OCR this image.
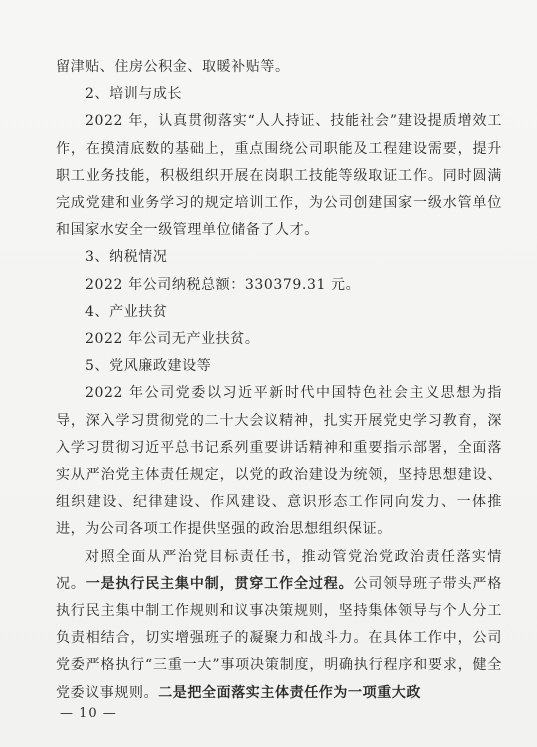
留津贴、住房公积金、取暖补贴等。

2、培训与成长

2022 年，认真贯彻落实“人人持证、技能社会”建设提质增效工作，在摸清底数的基础上，重点围绕公司职能及工程建设需要，提升职工业务技能，积极组织开展在岗职工技能等级取证工作。同时圆满完成党建和业务学习的规定培训工作，为公司创建国家一级水管单位和国家水安全一级管理单位储备了人才。

3、纳税情况

2022 年公司纳税总额：330379.31 元。

4、产业扶贫

2022 年公司无产业扶贫。

5、党风廉政建设等

2022 年公司党委以习近平新时代中国特色社会主义思想为指导，深入学习贯彻党的二十大会议精神，扎实开展党史学习教育，深入学习贯彻习近平总书记系列重要讲话精神和重要指示部署，全面落实从严治党主体责任规定，以党的政治建设为统领，坚持思想建设、组织建设、纪律建设、作风建设、意识形态工作同向发力、一体推进，为公司各项工作提供坚强的政治思想组织保证。

对照全面从严治党目标责任书，推动管党治党政治责任落实情况。一是执行民主集中制，贯穿工作全过程。公司领导班子带头严格执行民主集中制工作规则和议事决策规则，坚持集体领导与个人分工负责相结合，切实增强班子的凝聚力和战斗力。在具体工作中，公司党委严格执行“三重一大”事项决策制度，明确执行程序和要求，健全党委议事规则。二是把全面落实主体责任作为一项重大政

— 10 —
